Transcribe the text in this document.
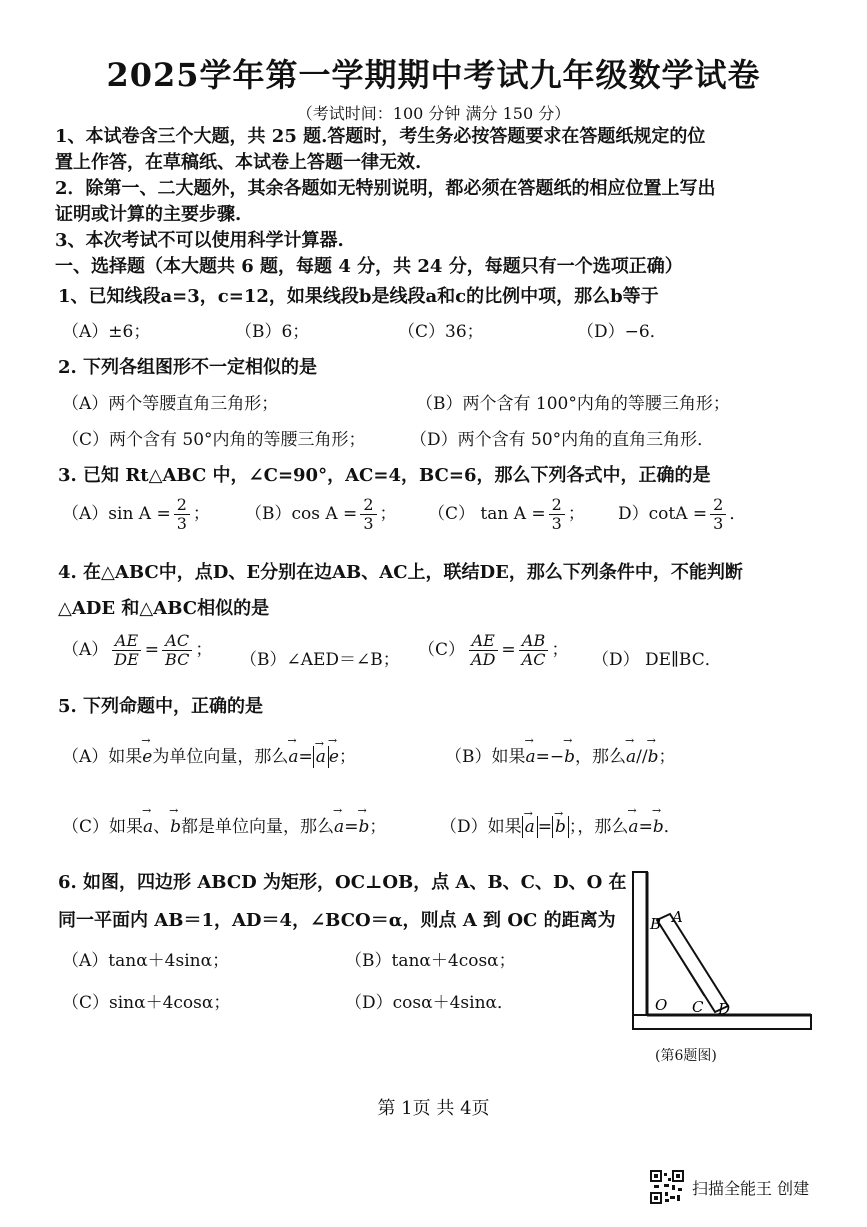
2025学年第一学期期中考试九年级数学试卷
（考试时间：100 分钟 满分 150 分）
1、本试卷含三个大题，共 25 题.答题时，考生务必按答题要求在答题纸规定的位
置上作答，在草稿纸、本试卷上答题一律无效.
2．除第一、二大题外，其余各题如无特别说明，都必须在答题纸的相应位置上写出
证明或计算的主要步骤.
3、本次考试不可以使用科学计算器.
一、选择题（本大题共 6 题，每题 4 分，共 24 分，每题只有一个选项正确）
1、已知线段a=3，c=12，如果线段b是线段a和c的比例中项，那么b等于
（A）±6；	（B）6；	（C）36；	（D）−6．
2. 下列各组图形不一定相似的是
（A）两个等腰直角三角形；	（B）两个含有 100°内角的等腰三角形；
（C）两个含有 50°内角的等腰三角形；	（D）两个含有 50°内角的直角三角形．
3. 已知 Rt△ABC 中，∠C=90°，AC=4，BC=6，那么下列各式中，正确的是
（A）sin $A = \frac{2}{3}$ ； （B）cos $A = \frac{2}{3}$ ； （C） $\tan A = \frac{2}{3}$ ； $D)\cot A = \frac{2}{3}$ ．
4. 在△ABC中，点D、E分别在边AB、AC上，联结DE，那么下列条件中，不能判断
△ADE 和△ABC相似的是
$(A) \frac{AE}{DE} = \frac{AC}{BC}$ ； （B）∠AED＝∠B； $(C) \frac{AE}{AD} = \frac{AB}{AC}$ ； （D） DE∥BC．
5. 下列命题中，正确的是
（A）如果→ e为单位向量，那么→ a= → a → e；	（B）如果→ a=−→ b，那么→ a//→ b；
（C）如果→ a、→ b都是单位向量，那么→ a=→ b；	（D）如果 → a = → b ；，那么→ a=→ b．
6. 如图，四边形 ABCD 为矩形，OC⊥OB，点 A、B、C、D、O 在
同一平面内 AB＝1，AD＝4，∠BCO＝α，则点 A 到 OC 的距离为
（A）tanα＋4sinα；	（B）tanα＋4cosα；
（C）sinα＋4cosα；	（D）cosα＋4sinα．
B A
O C D
(第6题图)
第 1页 共 4页
扫描全能王 创建
